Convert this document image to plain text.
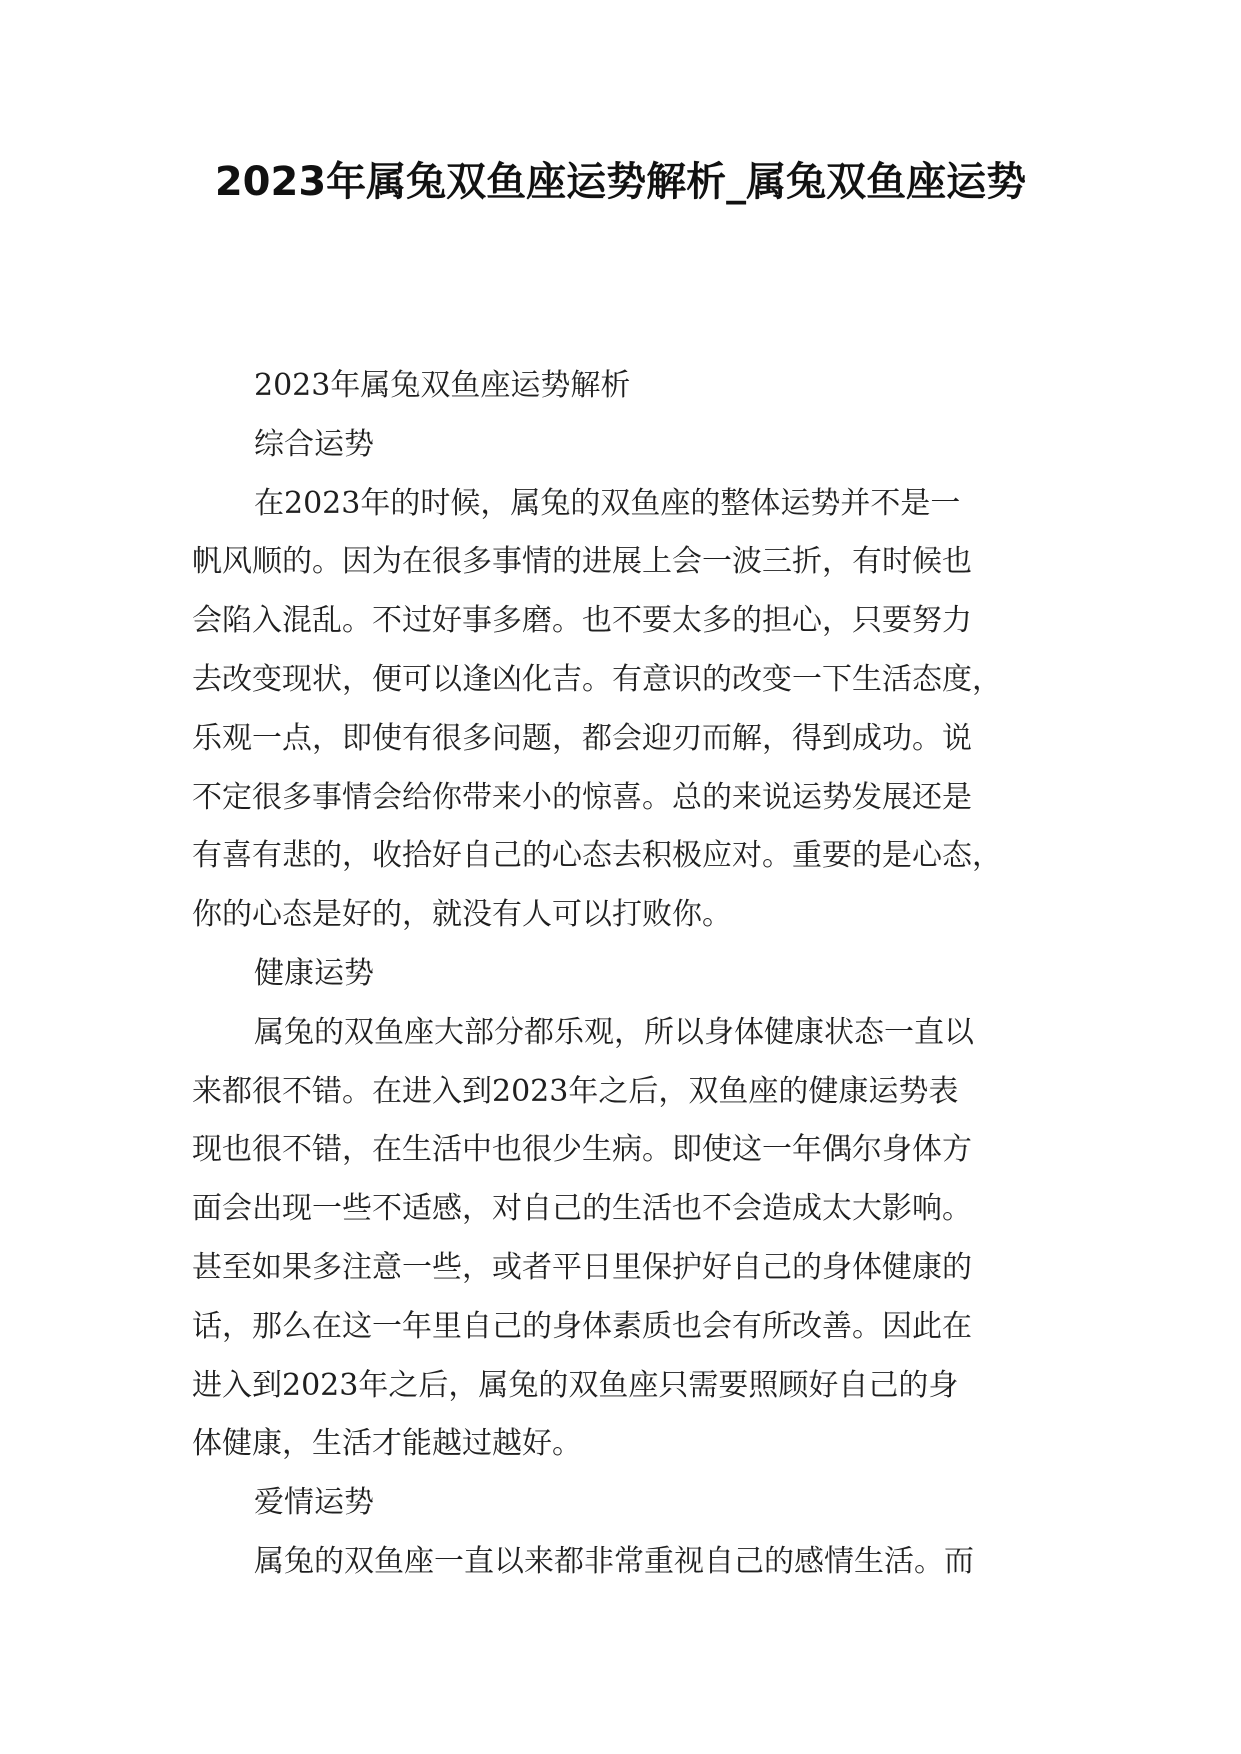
2023年属兔双鱼座运势解析_属兔双鱼座运势
2023年属兔双鱼座运势解析
综合运势
在2023年的时候，属兔的双鱼座的整体运势并不是一
帆风顺的。因为在很多事情的进展上会一波三折，有时候也
会陷入混乱。不过好事多磨。也不要太多的担心，只要努力
去改变现状，便可以逢凶化吉。有意识的改变一下生活态度，
乐观一点，即使有很多问题，都会迎刃而解，得到成功。说
不定很多事情会给你带来小的惊喜。总的来说运势发展还是
有喜有悲的，收拾好自己的心态去积极应对。重要的是心态，
你的心态是好的，就没有人可以打败你。
健康运势
属兔的双鱼座大部分都乐观，所以身体健康状态一直以
来都很不错。在进入到2023年之后，双鱼座的健康运势表
现也很不错，在生活中也很少生病。即使这一年偶尔身体方
面会出现一些不适感，对自己的生活也不会造成太大影响。
甚至如果多注意一些，或者平日里保护好自己的身体健康的
话，那么在这一年里自己的身体素质也会有所改善。因此在
进入到2023年之后，属兔的双鱼座只需要照顾好自己的身
体健康，生活才能越过越好。
爱情运势
属兔的双鱼座一直以来都非常重视自己的感情生活。而
